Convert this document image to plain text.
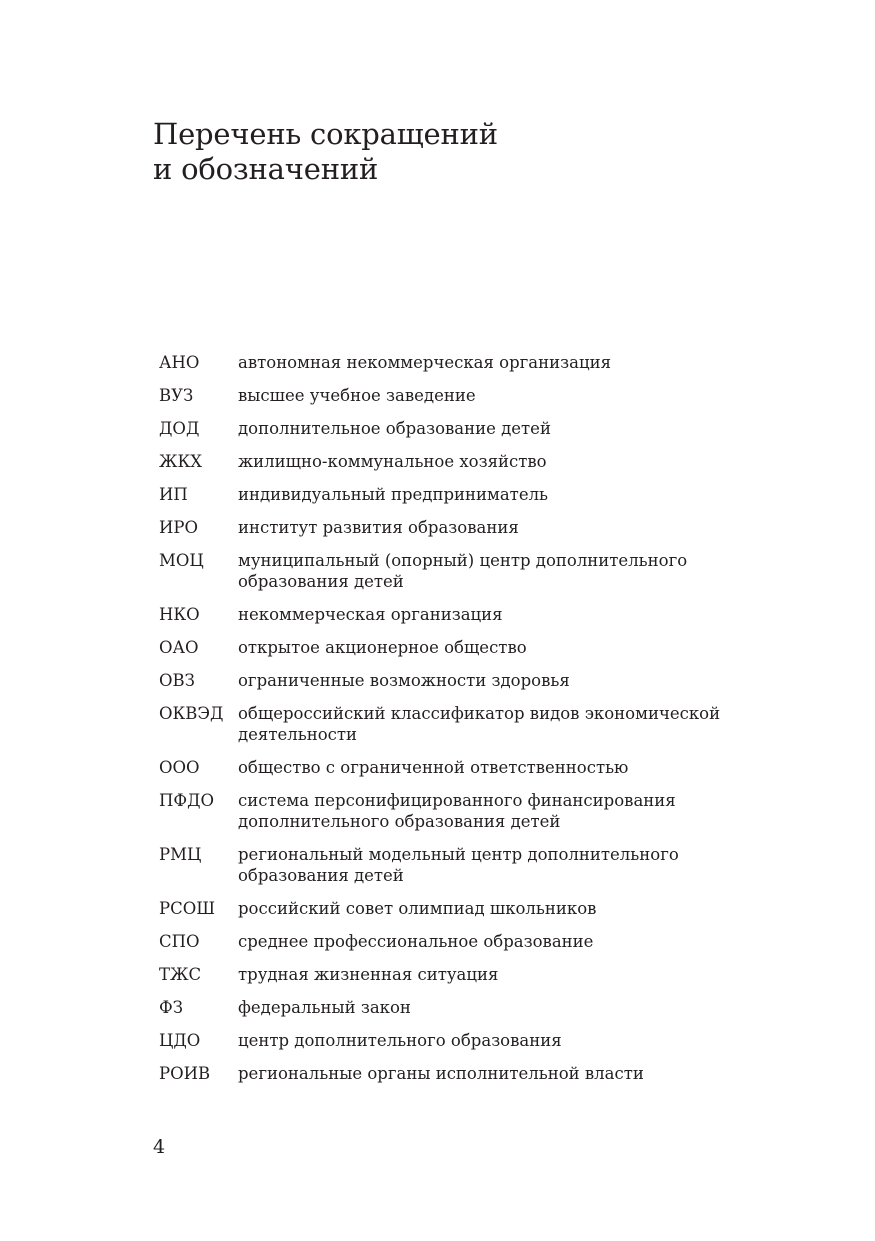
Перечень сокращений
и обозначений
АНО	автономная некоммерческая организация
ВУЗ	высшее учебное заведение
ДОД	дополнительное образование детей
ЖКХ	жилищно-коммунальное хозяйство
ИП	индивидуальный предприниматель
ИРО	институт развития образования
МОЦ	муниципальный (опорный) центр дополнительного образования детей
НКО	некоммерческая организация
ОАО	открытое акционерное общество
ОВЗ	ограниченные возможности здоровья
ОКВЭД общероссийский классификатор видов экономической деятельности
ООО	общество с ограниченной ответственностью
ПФДО	система персонифицированного финансирования дополнительного образования детей
РМЦ	региональный модельный центр дополнительного образования детей
РСОШ	российский совет олимпиад школьников
СПО	среднее профессиональное образование
ТЖС	трудная жизненная ситуация
ФЗ	федеральный закон
ЦДО	центр дополнительного образования
РОИВ	региональные органы исполнительной власти

4
